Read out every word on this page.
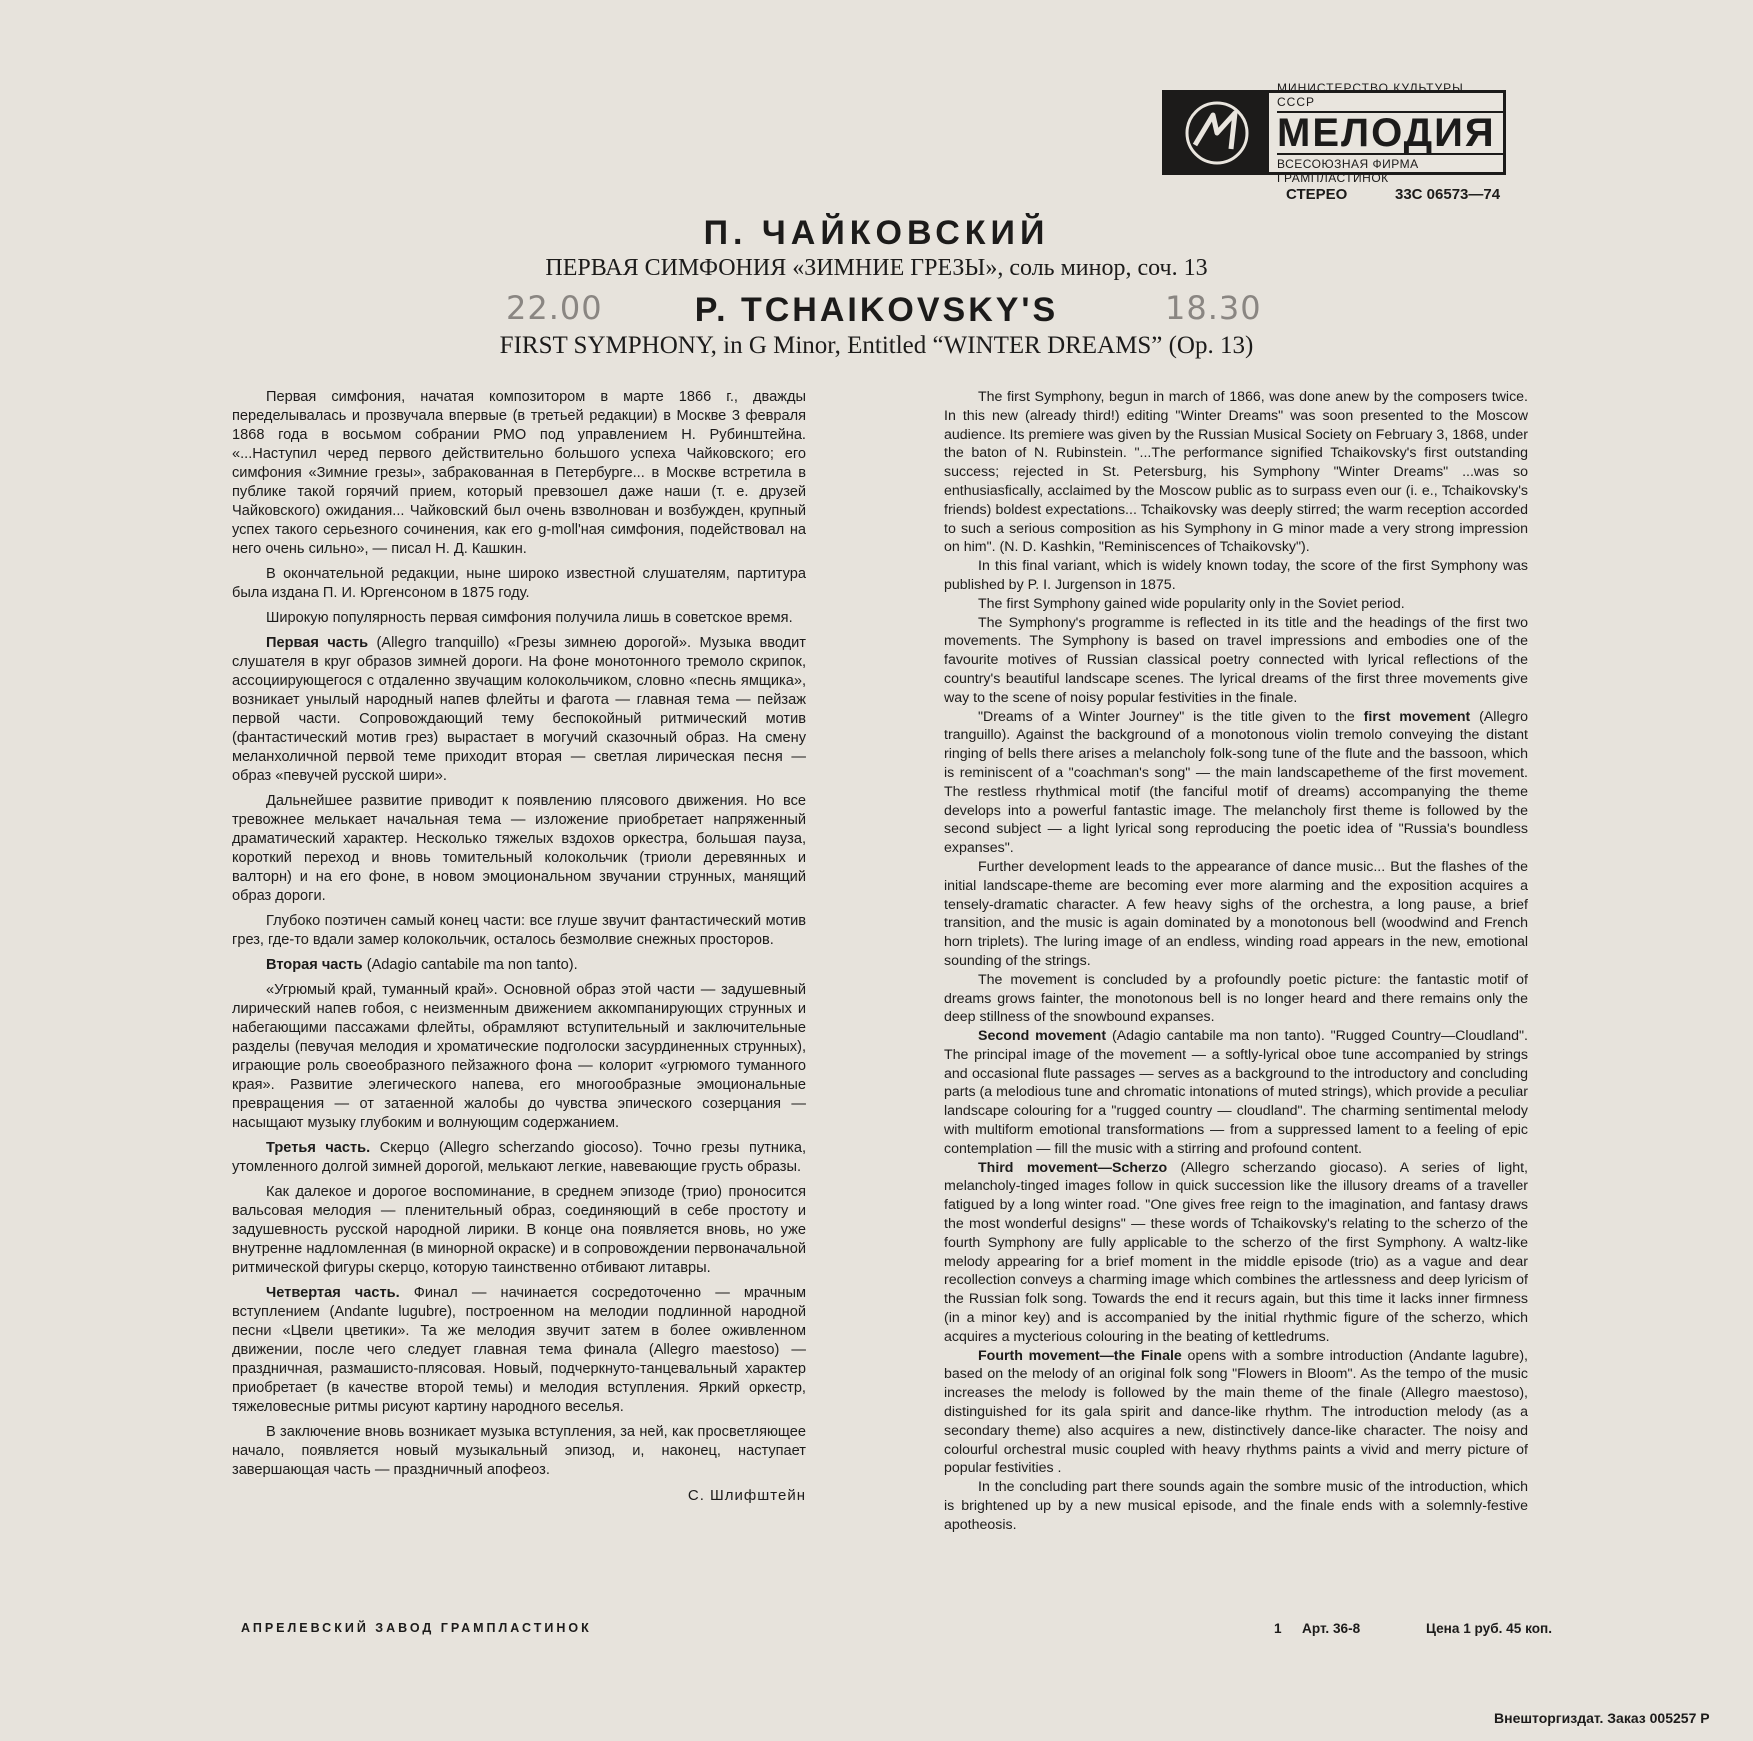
МИНИСТЕРСТВО КУЛЬТУРЫ СССР
МЕЛОДИЯ
ВСЕСОЮЗНАЯ ФИРМА ГРАМПЛАСТИНОК
СТЕРЕО	33С 06573—74
П. ЧАЙКОВСКИЙ
ПЕРВАЯ СИМФОНИЯ «ЗИМНИЕ ГРЕЗЫ», соль минор, соч. 13
P. TCHAIKOVSKY'S
FIRST SYMPHONY, in G Minor, Entitled “WINTER DREAMS” (Op. 13)
22.00	18.30

Первая симфония, начатая композитором в марте 1866 г., дважды переделывалась и прозвучала впервые (в третьей редакции) в Москве 3 февраля 1868 года в восьмом собрании РМО под управлением Н. Рубинштейна. «...Наступил черед первого действительно большого успеха Чайковского; его симфония «Зимние грезы», забракованная в Петербурге... в Москве встретила в публике такой горячий прием, который превзошел даже наши (т. е. друзей Чайковского) ожидания... Чайковский был очень взволнован и возбужден, крупный успех такого серьезного сочинения, как его g-moll'ная симфония, подействовал на него очень сильно», — писал Н. Д. Кашкин.

В окончательной редакции, ныне широко известной слушателям, партитура была издана П. И. Юргенсоном в 1875 году.

Широкую популярность первая симфония получила лишь в советское время.

Первая часть (Allegro tranquillo) «Грезы зимнею дорогой». Музыка вводит слушателя в круг образов зимней дороги. На фоне монотонного тремоло скрипок, ассоциирующегося с отдаленно звучащим колокольчиком, словно «песнь ямщика», возникает унылый народный напев флейты и фагота — главная тема — пейзаж первой части. Сопровождающий тему беспокойный ритмический мотив (фантастический мотив грез) вырастает в могучий сказочный образ. На смену меланхоличной первой теме приходит вторая — светлая лирическая песня — образ «певучей русской шири».

Дальнейшее развитие приводит к появлению плясового движения. Но все тревожнее мелькает начальная тема — изложение приобретает напряженный драматический характер. Несколько тяжелых вздохов оркестра, большая пауза, короткий переход и вновь томительный колокольчик (триоли деревянных и валторн) и на его фоне, в новом эмоциональном звучании струнных, манящий образ дороги.

Глубоко поэтичен самый конец части: все глуше звучит фантастический мотив грез, где-то вдали замер колокольчик, осталось безмолвие снежных просторов.

Вторая часть (Adagio cantabile ma non tanto).

«Угрюмый край, туманный край». Основной образ этой части — задушевный лирический напев гобоя, с неизменным движением аккомпанирующих струнных и набегающими пассажами флейты, обрамляют вступительный и заключительные разделы (певучая мелодия и хроматические подголоски засурдиненных струнных), играющие роль своеобразного пейзажного фона — колорит «угрюмого туманного края». Развитие элегического напева, его многообразные эмоциональные превращения — от затаенной жалобы до чувства эпического созерцания — насыщают музыку глубоким и волнующим содержанием.

Третья часть. Скерцо (Allegro scherzando giocoso). Точно грезы путника, утомленного долгой зимней дорогой, мелькают легкие, навевающие грусть образы.

Как далекое и дорогое воспоминание, в среднем эпизоде (трио) проносится вальсовая мелодия — пленительный образ, соединяющий в себе простоту и задушевность русской народной лирики. В конце она появляется вновь, но уже внутренне надломленная (в минорной окраске) и в сопровождении первоначальной ритмической фигуры скерцо, которую таинственно отбивают литавры.

Четвертая часть. Финал — начинается сосредоточенно — мрачным вступлением (Andante lugubre), построенном на мелодии подлинной народной песни «Цвели цветики». Та же мелодия звучит затем в более оживленном движении, после чего следует главная тема финала (Allegro maestoso) — праздничная, размашисто-плясовая. Новый, подчеркнуто-танцевальный характер приобретает (в качестве второй темы) и мелодия вступления. Яркий оркестр, тяжеловесные ритмы рисуют картину народного веселья.

В заключение вновь возникает музыка вступления, за ней, как просветляющее начало, появляется новый музыкальный эпизод, и, наконец, наступает завершающая часть — праздничный апофеоз.

С. Шлифштейн

The first Symphony, begun in march of 1866, was done anew by the composers twice. In this new (already third!) editing "Winter Dreams" was soon presented to the Moscow audience. Its premiere was given by the Russian Musical Society on February 3, 1868, under the baton of N. Rubinstein. "...The performance signified Tchaikovsky's first outstanding success; rejected in St. Petersburg, his Symphony "Winter Dreams" ...was so enthusiasfically, acclaimed by the Moscow public as to surpass even our (i. e., Tchaikovsky's friends) boldest expectations... Tchaikovsky was deeply stirred; the warm reception accorded to such a serious composition as his Symphony in G minor made a very strong impression on him". (N. D. Kashkin, "Reminiscences of Tchaikovsky").

In this final variant, which is widely known today, the score of the first Symphony was published by P. I. Jurgenson in 1875.

The first Symphony gained wide popularity only in the Soviet period.

The Symphony's programme is reflected in its title and the headings of the first two movements. The Symphony is based on travel impressions and embodies one of the favourite motives of Russian classical poetry connected with lyrical reflections of the country's beautiful landscape scenes. The lyrical dreams of the first three movements give way to the scene of noisy popular festivities in the finale.

"Dreams of a Winter Journey" is the title given to the first movement (Allegro tranguillo). Against the background of a monotonous violin tremolo conveying the distant ringing of bells there arises a melancholy folk-song tune of the flute and the bassoon, which is reminiscent of a "coachman's song" — the main landscapetheme of the first movement. The restless rhythmical motif (the fanciful motif of dreams) accompanying the theme develops into a powerful fantastic image. The melancholy first theme is followed by the second subject — a light lyrical song reproducing the poetic idea of "Russia's boundless expanses".

Further development leads to the appearance of dance music... But the flashes of the initial landscape-theme are becoming ever more alarming and the exposition acquires a tensely-dramatic character. A few heavy sighs of the orchestra, a long pause, a brief transition, and the music is again dominated by a monotonous bell (woodwind and French horn triplets). The luring image of an endless, winding road appears in the new, emotional sounding of the strings.

The movement is concluded by a profoundly poetic picture: the fantastic motif of dreams grows fainter, the monotonous bell is no longer heard and there remains only the deep stillness of the snowbound expanses.

Second movement (Adagio cantabile ma non tanto). "Rugged Country—Cloudland". The principal image of the movement — a softly-lyrical oboe tune accompanied by strings and occasional flute passages — serves as a background to the introductory and concluding parts (a melodious tune and chromatic intonations of muted strings), which provide a peculiar landscape colouring for a "rugged country — cloudland". The charming sentimental melody with multiform emotional transformations — from a suppressed lament to a feeling of epic contemplation — fill the music with a stirring and profound content.

Third movement—Scherzo (Allegro scherzando giocaso). A series of light, melancholy-tinged images follow in quick succession like the illusory dreams of a traveller fatigued by a long winter road. "One gives free reign to the imagination, and fantasy draws the most wonderful designs" — these words of Tchaikovsky's relating to the scherzo of the fourth Symphony are fully applicable to the scherzo of the first Symphony. A waltz-like melody appearing for a brief moment in the middle episode (trio) as a vague and dear recollection conveys a charming image which combines the artlessness and deep lyricism of the Russian folk song. Towards the end it recurs again, but this time it lacks inner firmness (in a minor key) and is accompanied by the initial rhythmic figure of the scherzo, which acquires a mycterious colouring in the beating of kettledrums.

Fourth movement—the Finale opens with a sombre introduction (Andante lagubre), based on the melody of an original folk song "Flowers in Bloom". As the tempo of the music increases the melody is followed by the main theme of the finale (Allegro maestoso), distinguished for its gala spirit and dance-like rhythm. The introduction melody (as a secondary theme) also acquires a new, distinctively dance-like character. The noisy and colourful orchestral music coupled with heavy rhythms paints a vivid and merry picture of popular festivities .

In the concluding part there sounds again the sombre music of the introduction, which is brightened up by a new musical episode, and the finale ends with a solemnly-festive apotheosis.

АПРЕЛЕВСКИЙ ЗАВОД ГРАМПЛАСТИНОК	1 Арт. 36-8	Цена 1 руб. 45 коп.
Внешторгиздат. Заказ 005257 Р
